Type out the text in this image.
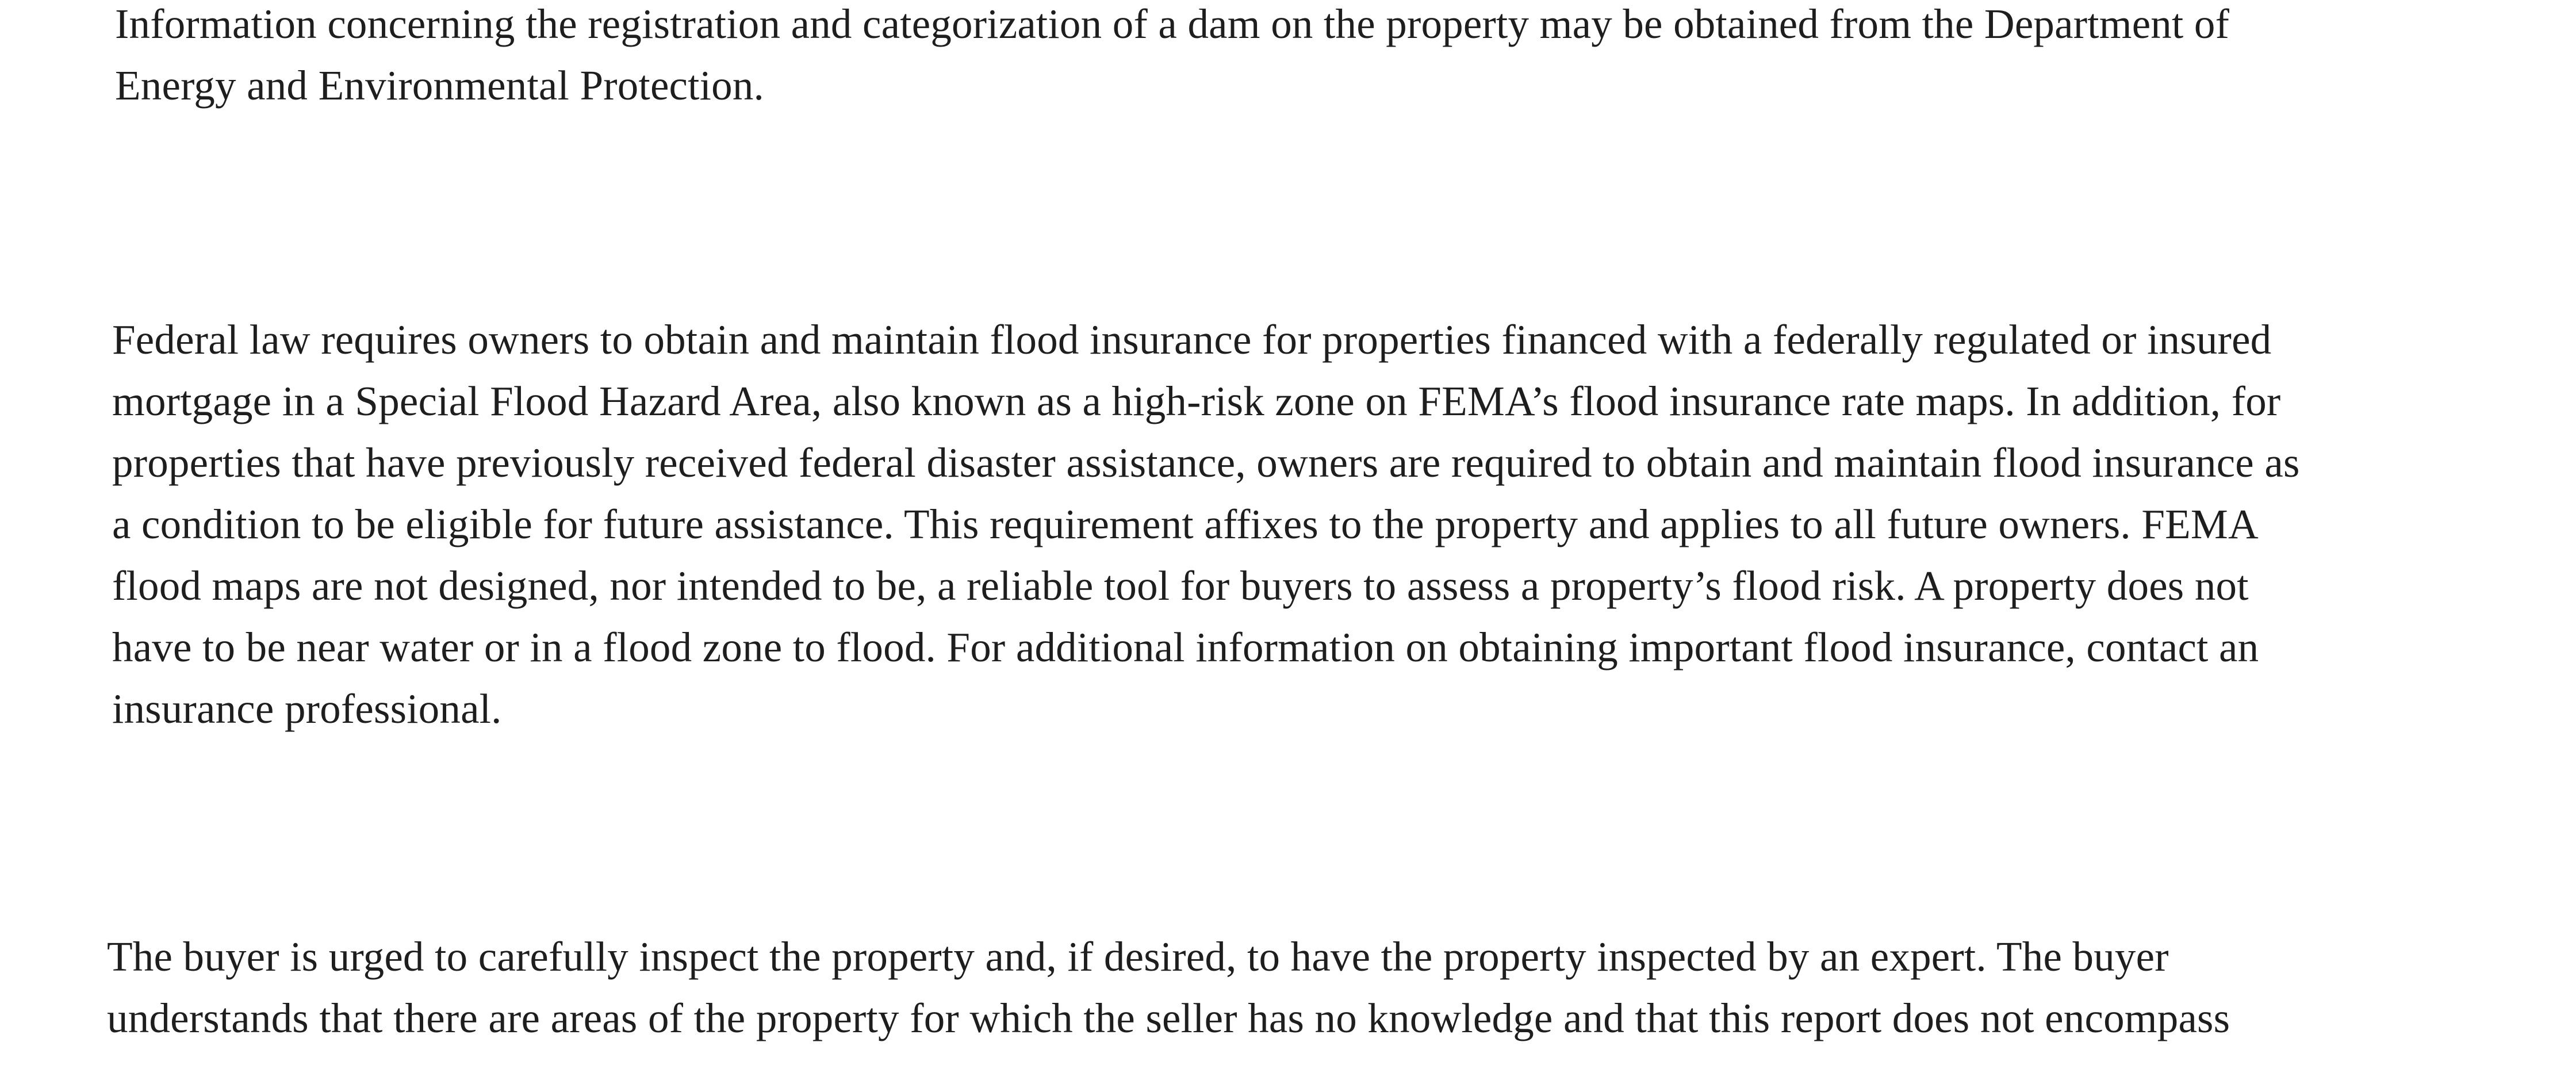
Information concerning the registration and categorization of a dam on the property may be obtained from the Department of
Energy and Environmental Protection.

Federal law requires owners to obtain and maintain flood insurance for properties financed with a federally regulated or insured
mortgage in a Special Flood Hazard Area, also known as a high-risk zone on FEMA’s flood insurance rate maps. In addition, for
properties that have previously received federal disaster assistance, owners are required to obtain and maintain flood insurance as
a condition to be eligible for future assistance. This requirement affixes to the property and applies to all future owners. FEMA
flood maps are not designed, nor intended to be, a reliable tool for buyers to assess a property’s flood risk. A property does not
have to be near water or in a flood zone to flood. For additional information on obtaining important flood insurance, contact an
insurance professional.

The buyer is urged to carefully inspect the property and, if desired, to have the property inspected by an expert. The buyer
understands that there are areas of the property for which the seller has no knowledge and that this report does not encompass
